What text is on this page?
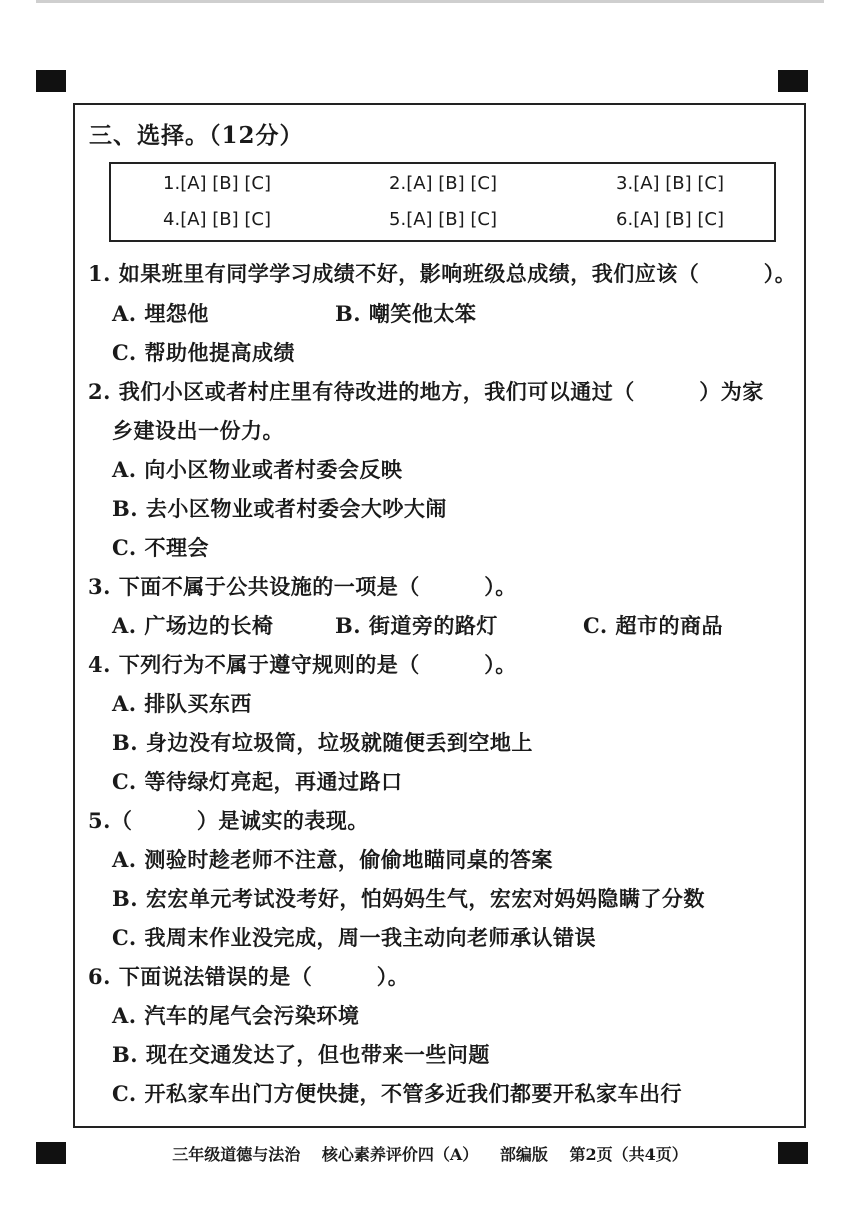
三、选择。（12分）
1.[A] [B] [C]	2.[A] [B] [C]	3.[A] [B] [C]
4.[A] [B] [C]	5.[A] [B] [C]	6.[A] [B] [C]
1. 如果班里有同学学习成绩不好，影响班级总成绩，我们应该（　　　）。
A. 埋怨他	B. 嘲笑他太笨
C. 帮助他提高成绩
2. 我们小区或者村庄里有待改进的地方，我们可以通过（　　　）为家
乡建设出一份力。
A. 向小区物业或者村委会反映
B. 去小区物业或者村委会大吵大闹
C. 不理会
3. 下面不属于公共设施的一项是（　　　）。
A. 广场边的长椅	B. 街道旁的路灯	C. 超市的商品
4. 下列行为不属于遵守规则的是（　　　）。
A. 排队买东西
B. 身边没有垃圾筒，垃圾就随便丢到空地上
C. 等待绿灯亮起，再通过路口
5.（　　　）是诚实的表现。
A. 测验时趁老师不注意，偷偷地瞄同桌的答案
B. 宏宏单元考试没考好，怕妈妈生气，宏宏对妈妈隐瞒了分数
C. 我周末作业没完成，周一我主动向老师承认错误
6. 下面说法错误的是（　　　）。
A. 汽车的尾气会污染环境
B. 现在交通发达了，但也带来一些问题
C. 开私家车出门方便快捷，不管多近我们都要开私家车出行
三年级道德与法治 核心素养评价四（A） 部编版 第2页（共4页）
